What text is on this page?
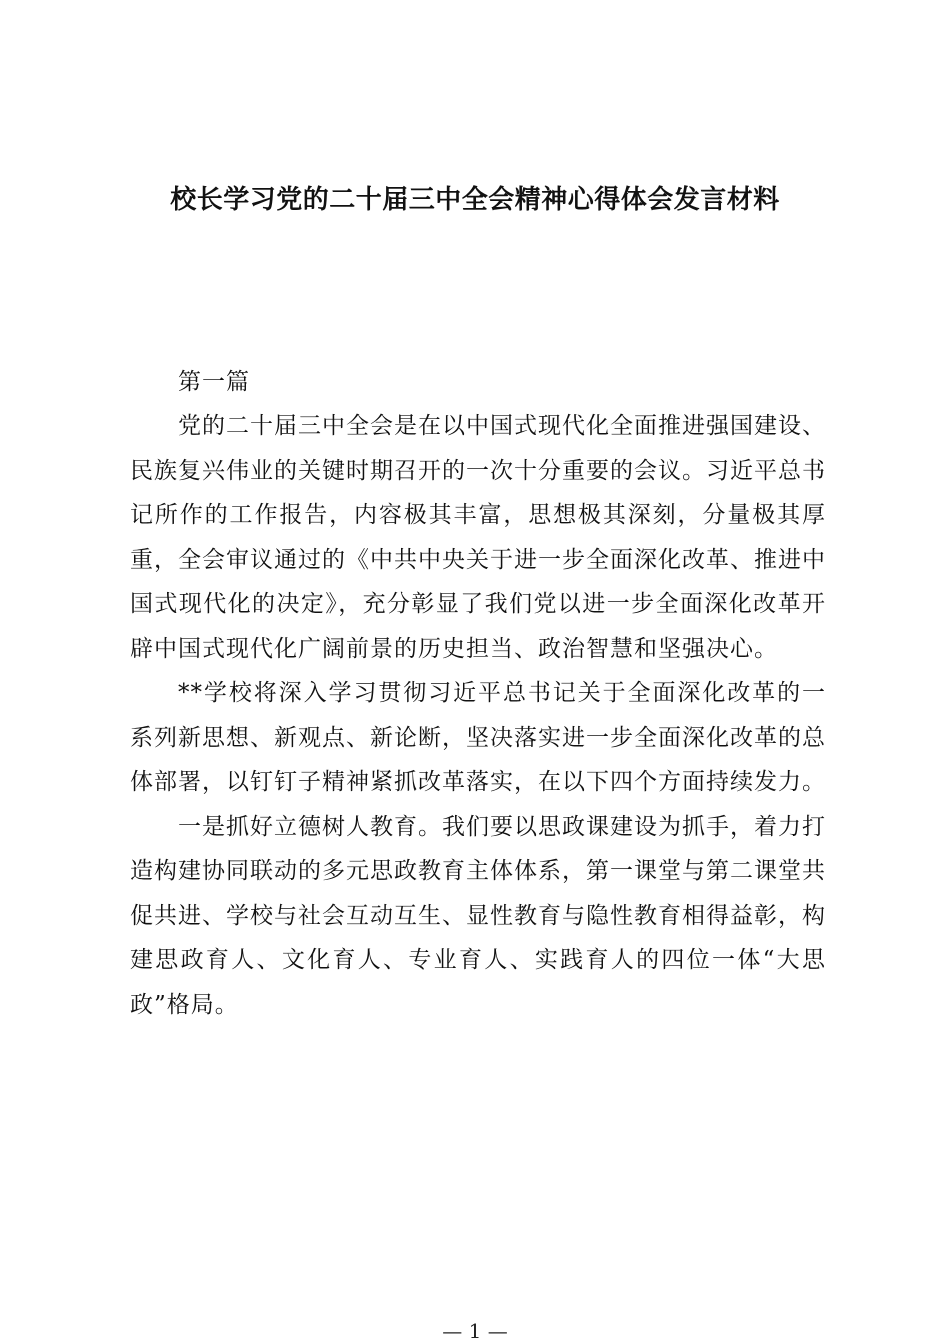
校长学习党的二十届三中全会精神心得体会发言材料

第一篇

党的二十届三中全会是在以中国式现代化全面推进强国建设、民族复兴伟业的关键时期召开的一次十分重要的会议。习近平总书记所作的工作报告，内容极其丰富，思想极其深刻，分量极其厚重，全会审议通过的《中共中央关于进一步全面深化改革、推进中国式现代化的决定》，充分彰显了我们党以进一步全面深化改革开辟中国式现代化广阔前景的历史担当、政治智慧和坚强决心。

**学校将深入学习贯彻习近平总书记关于全面深化改革的一系列新思想、新观点、新论断，坚决落实进一步全面深化改革的总体部署，以钉钉子精神紧抓改革落实，在以下四个方面持续发力。

一是抓好立德树人教育。我们要以思政课建设为抓手，着力打造构建协同联动的多元思政教育主体体系，第一课堂与第二课堂共促共进、学校与社会互动互生、显性教育与隐性教育相得益彰，构建思政育人、文化育人、专业育人、实践育人的四位一体“大思政”格局。

— 1 —
